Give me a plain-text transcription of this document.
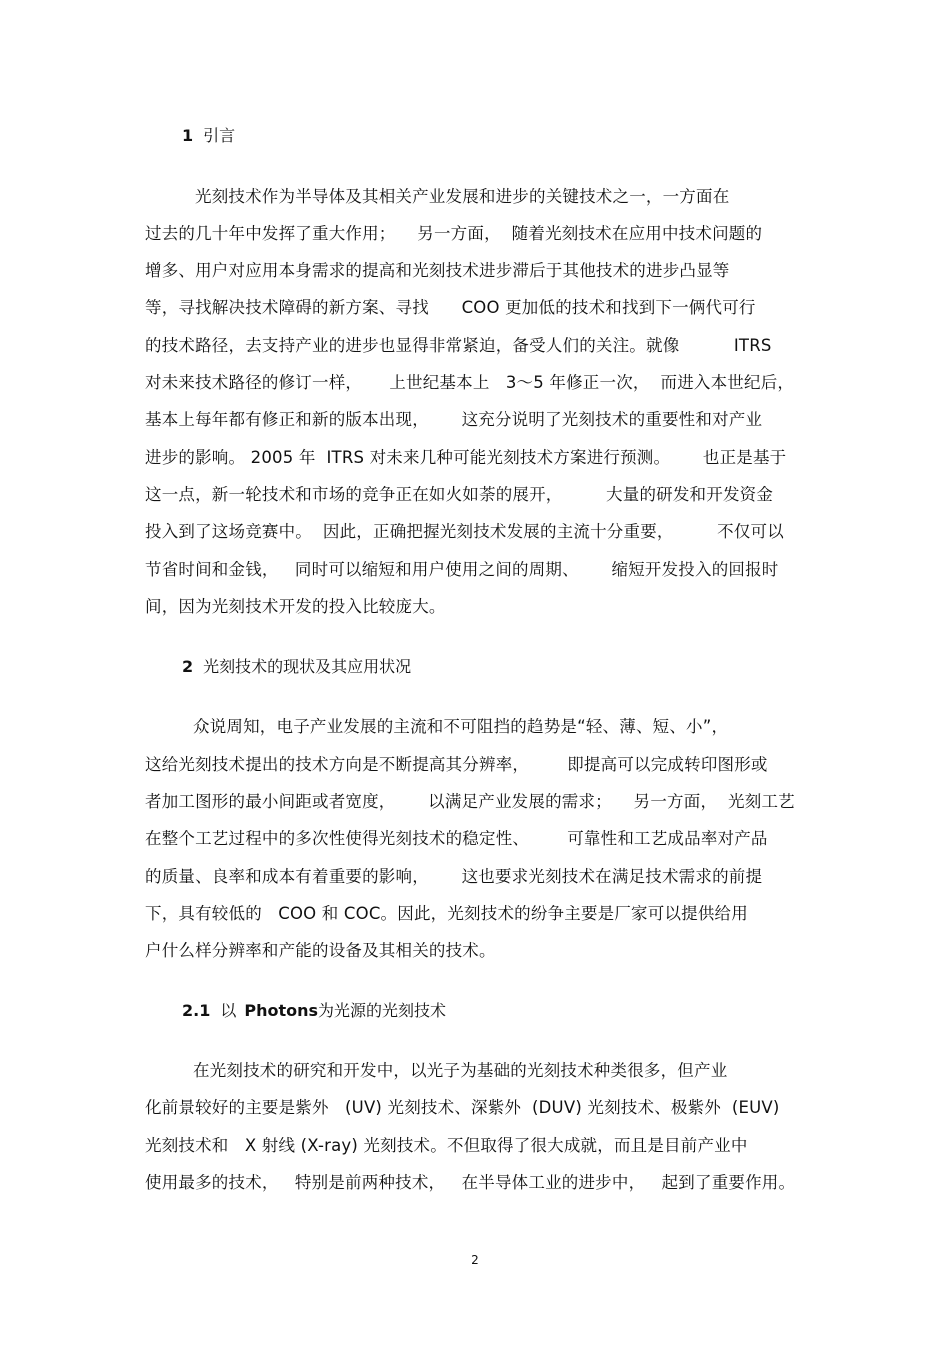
1 引言
光刻技术作为半导体及其相关产业发展和进步的关键技术之一，一方面在
过去的几十年中发挥了重大作用；    另一方面，  随着光刻技术在应用中技术问题的
增多、用户对应用本身需求的提高和光刻技术进步滞后于其他技术的进步凸显等
等，寻找解决技术障碍的新方案、寻找      COO 更加低的技术和找到下一俩代可行
的技术路径，去支持产业的进步也显得非常紧迫，备受人们的关注。就像          ITRS
对未来技术路径的修订一样，     上世纪基本上   3～5 年修正一次，  而进入本世纪后，
基本上每年都有修正和新的版本出现，      这充分说明了光刻技术的重要性和对产业
进步的影响。 2005 年  ITRS 对未来几种可能光刻技术方案进行预测。      也正是基于
这一点，新一轮技术和市场的竞争正在如火如荼的展开，        大量的研发和开发资金
投入到了这场竞赛中。  因此，正确把握光刻技术发展的主流十分重要，        不仅可以
节省时间和金钱，   同时可以缩短和用户使用之间的周期、      缩短开发投入的回报时
间，因为光刻技术开发的投入比较庞大。
2 光刻技术的现状及其应用状况
众说周知，电子产业发展的主流和不可阻挡的趋势是“轻、薄、短、小”，
这给光刻技术提出的技术方向是不断提高其分辨率，       即提高可以完成转印图形或
者加工图形的最小间距或者宽度，      以满足产业发展的需求；    另一方面，  光刻工艺
在整个工艺过程中的多次性使得光刻技术的稳定性、       可靠性和工艺成品率对产品
的质量、良率和成本有着重要的影响，      这也要求光刻技术在满足技术需求的前提
下，具有较低的   COO 和 COC。因此，光刻技术的纷争主要是厂家可以提供给用
户什么样分辨率和产能的设备及其相关的技术。
2.1 以 Photons为光源的光刻技术
在光刻技术的研究和开发中，以光子为基础的光刻技术种类很多，但产业
化前景较好的主要是紫外   (UV) 光刻技术、深紫外  (DUV) 光刻技术、极紫外  (EUV)
光刻技术和   X 射线 (X-ray) 光刻技术。不但取得了很大成就，而且是目前产业中
使用最多的技术，   特别是前两种技术，   在半导体工业的进步中，   起到了重要作用。
2
